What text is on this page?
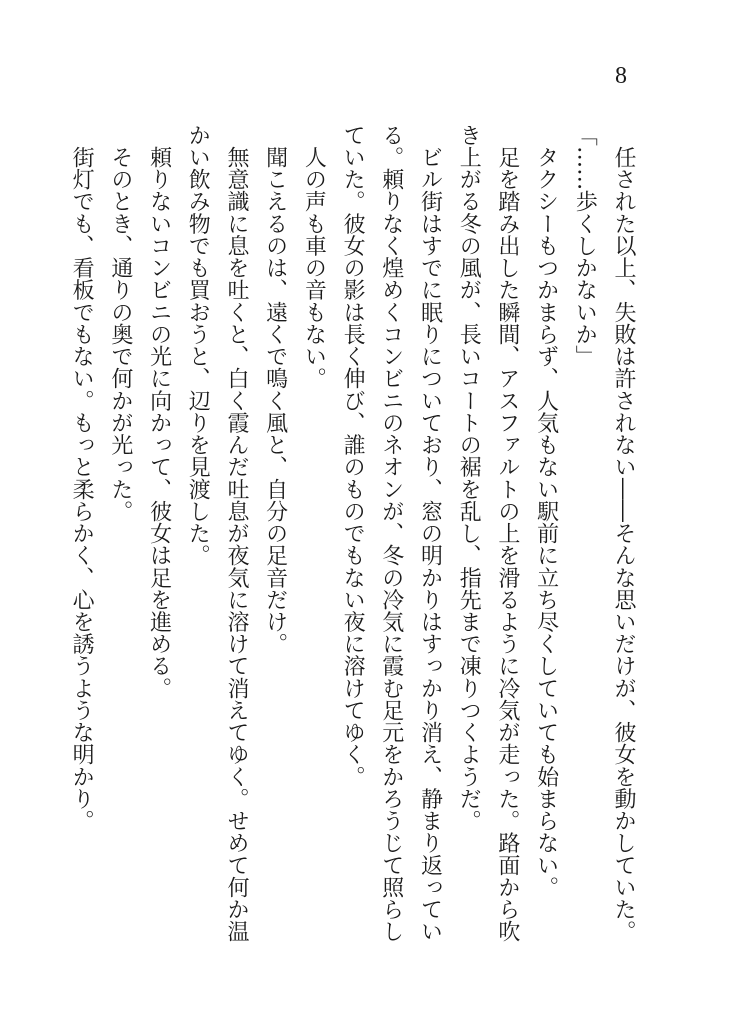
8
　任された以上、失敗は許されない――そんな思いだけが、彼女を動かしていた。
「……歩くしかないか」
　タクシーもつかまらず、人気もない駅前に立ち尽くしていても始まらない。
　足を踏み出した瞬間、アスファルトの上を滑るように冷気が走った。路面から吹
き上がる冬の風が、長いコートの裾を乱し、指先まで凍りつくようだ。
　ビル街はすでに眠りについており、窓の明かりはすっかり消え、静まり返ってい
る。頼りなく煌めくコンビニのネオンが、冬の冷気に霞む足元をかろうじて照らし
ていた。彼女の影は長く伸び、誰のものでもない夜に溶けてゆく。
　人の声も車の音もない。
　聞こえるのは、遠くで鳴く風と、自分の足音だけ。
　無意識に息を吐くと、白く霞んだ吐息が夜気に溶けて消えてゆく。せめて何か温
かい飲み物でも買おうと、辺りを見渡した。
　頼りないコンビニの光に向かって、彼女は足を進める。
　そのとき、通りの奥で何かが光った。
　街灯でも、看板でもない。もっと柔らかく、心を誘うような明かり。
